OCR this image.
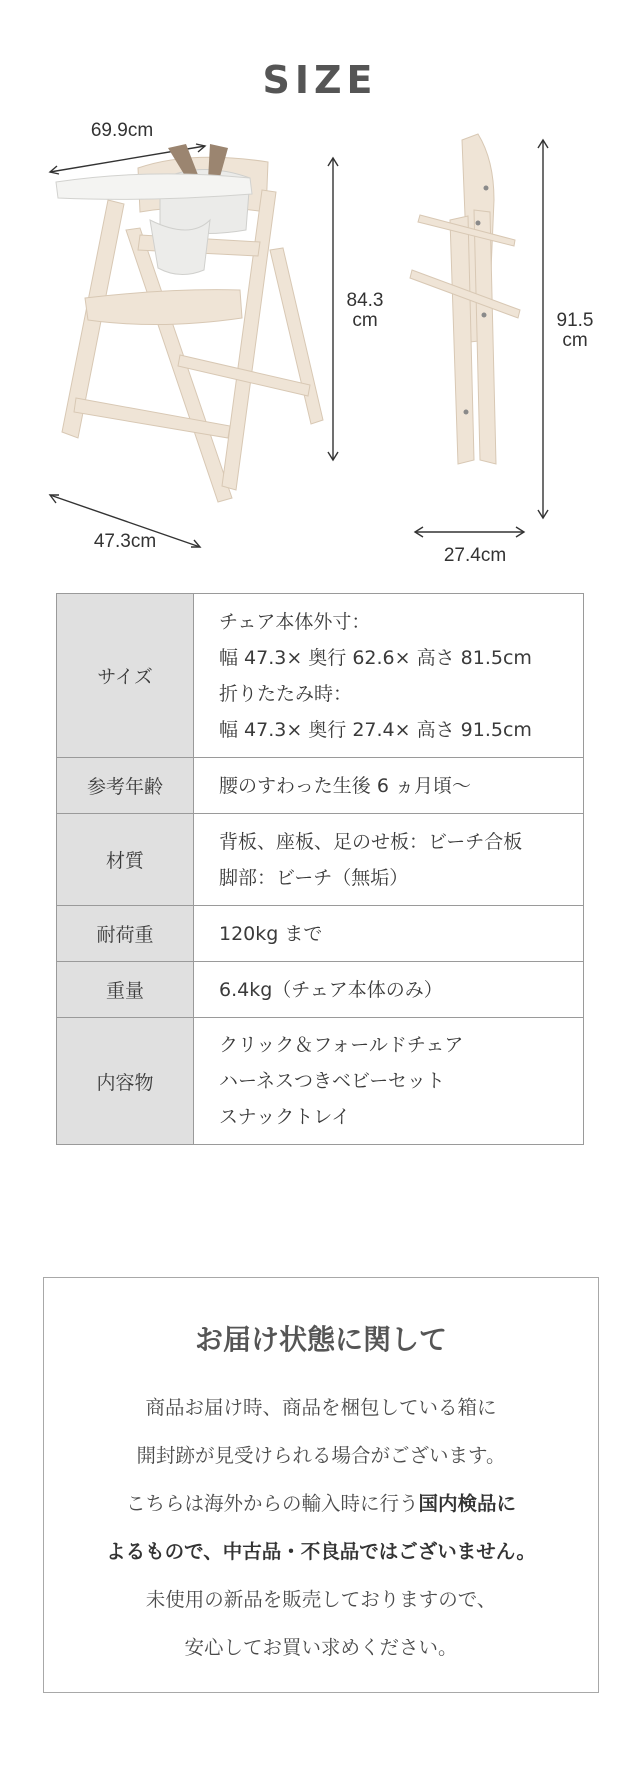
SIZE
69.9cm
84.3
cm
47.3cm
91.5
cm
27.4cm
サイズ	チェア本体外寸：
幅 47.3× 奥行 62.6× 高さ 81.5cm
折りたたみ時：
幅 47.3× 奥行 27.4× 高さ 91.5cm

参考年齢	腰のすわった生後 6 ヵ月頃〜

材質	背板、座板、足のせ板：ビーチ合板
脚部：ビーチ（無垢）

耐荷重	120kg まで

重量	6.4kg（チェア本体のみ）

内容物	クリック＆フォールドチェア
ハーネスつきベビーセット
スナックトレイ
お届け状態に関して
商品お届け時、商品を梱包している箱に
開封跡が見受けられる場合がございます。
こちらは海外からの輸入時に行う国内検品に
よるもので、中古品・不良品ではございません。
未使用の新品を販売しておりますので、
安心してお買い求めください。
